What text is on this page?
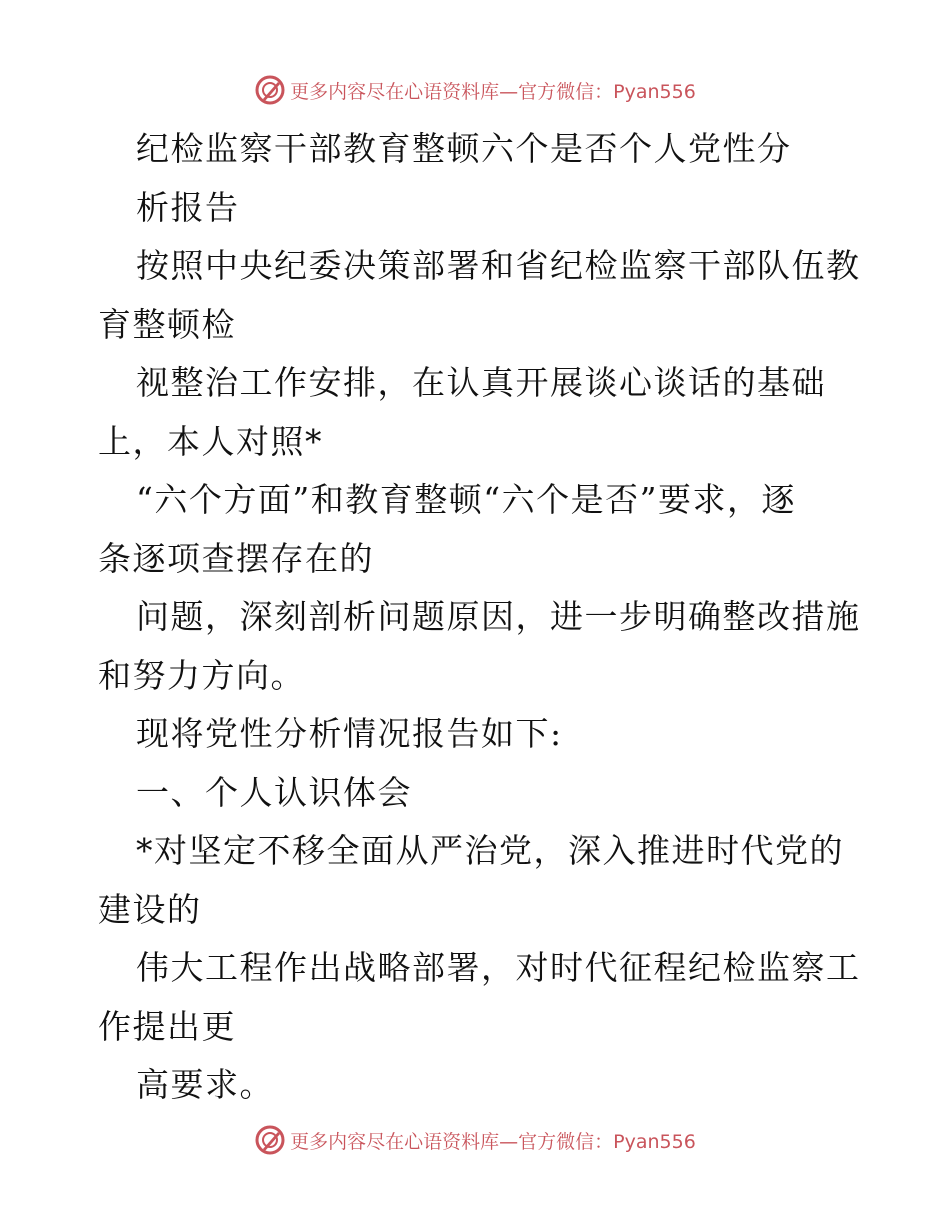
更多内容尽在心语资料库—官方微信：Pyan556
纪检监察干部教育整顿六个是否个人党性分
析报告
按照中央纪委决策部署和省纪检监察干部队伍教
育整顿检
视整治工作安排，在认真开展谈心谈话的基础
上，本人对照*
“六个方面”和教育整顿“六个是否”要求，逐
条逐项查摆存在的
问题，深刻剖析问题原因，进一步明确整改措施
和努力方向。
现将党性分析情况报告如下:
一、个人认识体会
*对坚定不移全面从严治党，深入推进时代党的
建设的
伟大工程作出战略部署，对时代征程纪检监察工
作提出更
高要求。
更多内容尽在心语资料库—官方微信：Pyan556
